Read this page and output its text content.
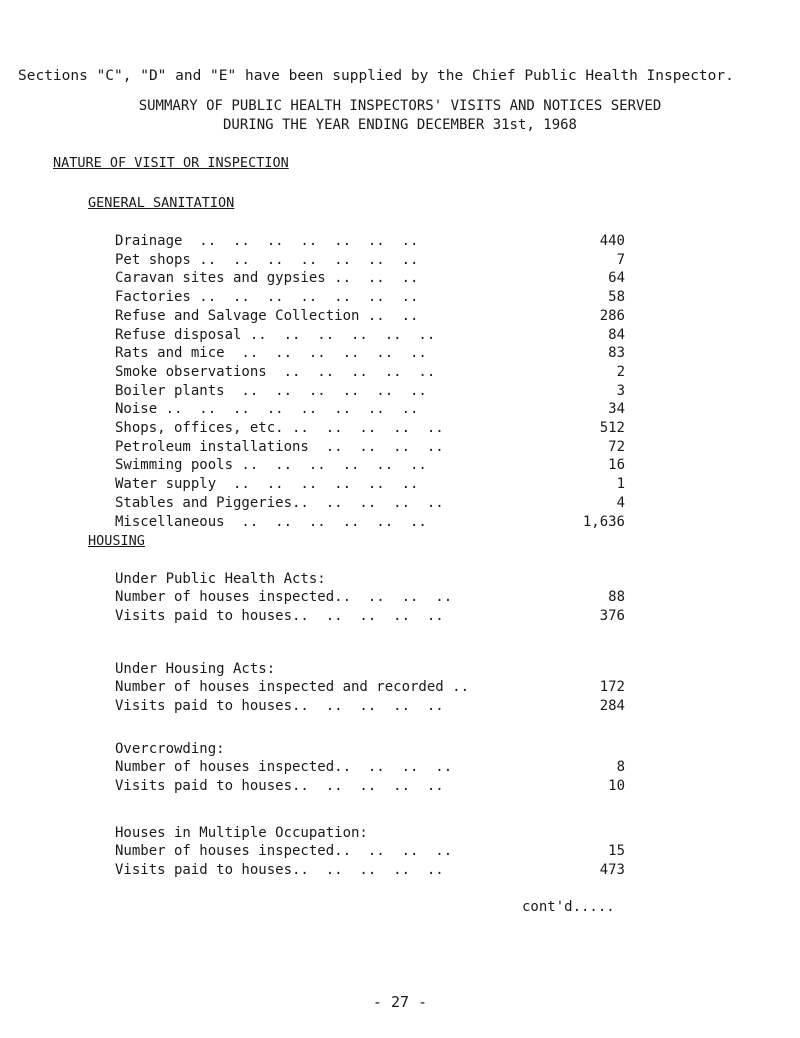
Sections "C", "D" and "E" have been supplied by the Chief Public Health Inspector.
SUMMARY OF PUBLIC HEALTH INSPECTORS' VISITS AND NOTICES SERVED
DURING THE YEAR ENDING DECEMBER 31st, 1968
NATURE OF VISIT OR INSPECTION
GENERAL SANITATION
Drainage  ..  ..  ..  ..  ..  ..  ..	440
Pet shops ..  ..  ..  ..  ..  ..  ..	7
Caravan sites and gypsies ..  ..  ..	64
Factories ..  ..  ..  ..  ..  ..  ..	58
Refuse and Salvage Collection ..  ..	286
Refuse disposal ..  ..  ..  ..  ..  ..	84
Rats and mice  ..  ..  ..  ..  ..  ..	83
Smoke observations  ..  ..  ..  ..  ..	2
Boiler plants  ..  ..  ..  ..  ..  ..	3
Noise ..  ..  ..  ..  ..  ..  ..  ..	34
Shops, offices, etc. ..  ..  ..  ..  ..	512
Petroleum installations  ..  ..  ..  ..	72
Swimming pools ..  ..  ..  ..  ..  ..	16
Water supply  ..  ..  ..  ..  ..  ..	1
Stables and Piggeries..  ..  ..  ..  ..	4
Miscellaneous  ..  ..  ..  ..  ..  ..	1,636
HOUSING
Under Public Health Acts:
Number of houses inspected..  ..  ..  ..	88
Visits paid to houses..  ..  ..  ..  ..	376
Under Housing Acts:
Number of houses inspected and recorded ..	172
Visits paid to houses..  ..  ..  ..  ..	284
Overcrowding:
Number of houses inspected..  ..  ..  ..	8
Visits paid to houses..  ..  ..  ..  ..	10
Houses in Multiple Occupation:
Number of houses inspected..  ..  ..  ..	15
Visits paid to houses..  ..  ..  ..  ..	473
cont'd.....
- 27 -
